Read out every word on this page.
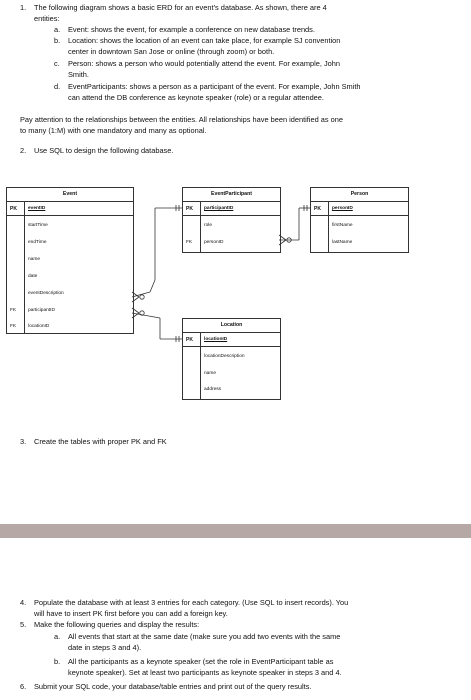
1. The following diagram shows a basic ERD for an event’s database. As shown, there are 4
entities:
a. Event: shows the event, for example a conference on new database trends.
b. Location: shows the location of an event can take place, for example SJ convention
center in downtown San Jose or online (through zoom) or both.
c. Person: shows a person who would potentially attend the event. For example, John
Smith.
d. EventParticipants: shows a person as a participant of the event. For example, John Smith
can attend the DB conference as keynote speaker (role) or a regular attendee.
Pay attention to the relationships between the entities. All relationships have been identified as one
to many (1:M) with one mandatory and many as optional.
2. Use SQL to design the following database.
Event
PK eventID
startTime
endTime
name
date
eventDescription
FK participantID
FK locationID
EventParticipant
PK participantID
role
FK personID
Person
PK personID
firstName
lastName
Location
PK locationID
locationDescription
name
address
3. Create the tables with proper PK and FK
4. Populate the database with at least 3 entries for each category. (Use SQL to insert records). You
will have to insert PK first before you can add a foreign key.
5. Make the following queries and display the results:
a. All events that start at the same date (make sure you add two events with the same
date in steps 3 and 4).
b. All the participants as a keynote speaker (set the role in EventParticipant table as
keynote speaker). Set at least two participants as keynote speaker in steps 3 and 4.
6. Submit your SQL code, your database/table entries and print out of the query results.
